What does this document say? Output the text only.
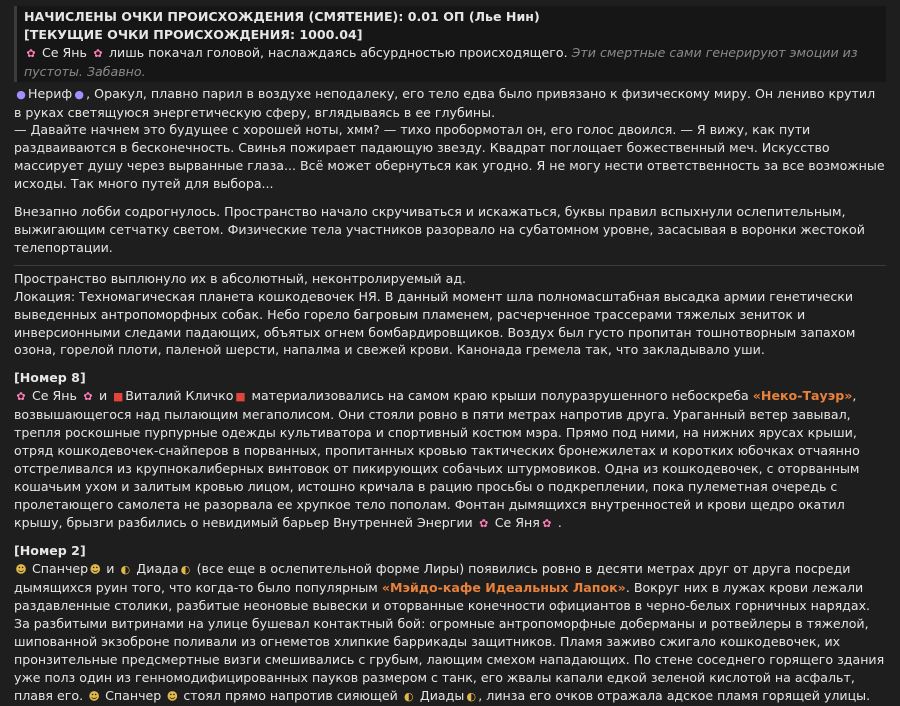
НАЧИСЛЕНЫ ОЧКИ ПРОИСХОЖДЕНИЯ (СМЯТЕНИЕ): 0.01 ОП (Лье Нин)
[ТЕКУЩИЕ ОЧКИ ПРОИСХОЖДЕНИЯ: 1000.04]
✿ Се Янь ✿ лишь покачал головой, наслаждаясь абсурдностью происходящего. Эти смертные сами генерируют эмоции из пустоты. Забавно.

● Нериф ● , Оракул, плавно парил в воздухе неподалеку, его тело едва было привязано к физическому миру. Он лениво крутил в руках светящуюся энергетическую сферу, вглядываясь в ее глубины.

— Давайте начнем это будущее с хорошей ноты, хмм? — тихо пробормотал он, его голос двоился. — Я вижу, как пути раздваиваются в бесконечность. Свинья пожирает падающую звезду. Квадрат поглощает божественный меч. Искусство массирует душу через вырванные глаза... Всё может обернуться как угодно. Я не могу нести ответственность за все возможные исходы. Так много путей для выбора...

Внезапно лобби содрогнулось. Пространство начало скручиваться и искажаться, буквы правил вспыхнули ослепительным, выжигающим сетчатку светом. Физические тела участников разорвало на субатомном уровне, засасывая в воронки жестокой телепортации.

Пространство выплюнуло их в абсолютный, неконтролируемый ад.

Локация: Техномагическая планета кошкодевочек НЯ. В данный момент шла полномасштабная высадка армии генетически выведенных антропоморфных собак. Небо горело багровым пламенем, расчерченное трассерами тяжелых зениток и инверсионными следами падающих, объятых огнем бомбардировщиков. Воздух был густо пропитан тошнотворным запахом озона, горелой плоти, паленой шерсти, напалма и свежей крови. Канонада гремела так, что закладывало уши.

[Номер 8]

✿ Се Янь ✿ и ■ Виталий Кличко ■ материализовались на самом краю крыши полуразрушенного небоскреба «Неко-Тауэр», возвышающегося над пылающим мегаполисом. Они стояли ровно в пяти метрах напротив друга. Ураганный ветер завывал, трепля роскошные пурпурные одежды культиватора и спортивный костюм мэра. Прямо под ними, на нижних ярусах крыши, отряд кошкодевочек-снайперов в порванных, пропитанных кровью тактических бронежилетах и коротких юбочках отчаянно отстреливался из крупнокалиберных винтовок от пикирующих собачьих штурмовиков. Одна из кошкодевочек, с оторванным кошачьим ухом и залитым кровью лицом, истошно кричала в рацию просьбы о подкреплении, пока пулеметная очередь с пролетающего самолета не разорвала ее хрупкое тело пополам. Фонтан дымящихся внутренностей и крови щедро окатил крышу, брызги разбились о невидимый барьер Внутренней Энергии ✿ Се Яня ✿ .

[Номер 2]

☻ Спанчер☻ и ◐ Диада ◐ (все еще в ослепительной форме Лиры) появились ровно в десяти метрах друг от друга посреди дымящихся руин того, что когда-то было популярным «Мэйдо-кафе Идеальных Лапок». Вокруг них в лужах крови лежали раздавленные столики, разбитые неоновые вывески и оторванные конечности официантов в черно-белых горничных нарядах. За разбитыми витринами на улице бушевал контактный бой: огромные антропоморфные доберманы и ротвейлеры в тяжелой, шипованной экзоброне поливали из огнеметов хлипкие баррикады защитников. Пламя заживо сжигало кошкодевочек, их пронзительные предсмертные визги смешивались с грубым, лающим смехом нападающих. По стене соседнего горящего здания уже полз один из генномодифицированных пауков размером с танк, его жвалы капали едкой зеленой кислотой на асфальт, плавя его. ☻ Спанчер ☻ стоял прямо напротив сияющей ◐ Диады ◐ , линза его очков отражала адское пламя горящей улицы.
